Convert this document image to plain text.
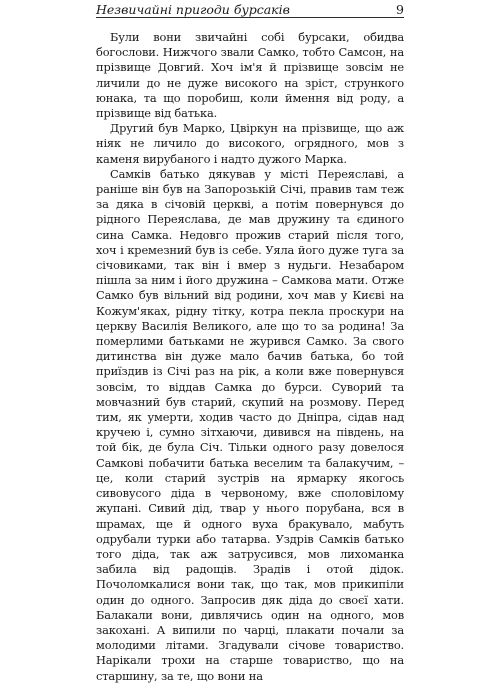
Незвичайні пригоди бурсаків	9

Були вони звичайні собі бурсаки, обидва богослови. Нижчого звали Самко, тобто Самсон, на прізвище Довгий. Хоч ім'я й прізвище зовсім не личили до не дуже високого на зріст, стрункого юнака, та що поробиш, коли ймення від роду, а прізвище від батька.

Другий був Марко, Цвіркун на прізвище, що аж ніяк не личило до високого, огрядного, мов з каменя вирубаного і надто дужого Марка.

Самків батько дякував у місті Переяславі, а раніше він був на Запорозькій Січі, правив там теж за дяка в січовій церкві, а потім повернувся до рідного Переяслава, де мав дружину та єдиного сина Самка. Недовго прожив старий після того, хоч і кремезний був із себе. Уяла його дуже туга за січовиками, так він і вмер з нудьги. Незабаром пішла за ним і його дружина – Самкова мати. Отже Самко був вільний від родини, хоч мав у Києві на Кожум'яках, рідну тітку, котра пекла проскури на церкву Василія Великого, але що то за родина! За померлими батьками не журився Самко. За свого дитинства він дуже мало бачив батька, бо той приїздив із Січі раз на рік, а коли вже повернувся зовсім, то віддав Самка до бурси. Суворий та мовчазний був старий, скупий на розмову. Перед тим, як умерти, ходив часто до Дніпра, сідав над кручею і, сумно зітхаючи, дивився на південь, на той бік, де була Січ. Тільки одного разу довелося Самкові побачити батька веселим та балакучим, – це, коли старий зустрів на ярмарку якогось сивовусого діда в червоному, вже споловілому жупані. Сивий дід, твар у нього порубана, вся в шрамах, ще й одного вуха бракувало, мабуть одрубали турки або татарва. Уздрів Самків батько того діда, так аж затрусився, мов лихоманка забила від радощів. Зрадів і отой дідок. Почоломкалися вони так, що так, мов прикипіли один до одного. Запросив дяк діда до своєї хати. Балакали вони, дивлячись один на одного, мов закохані. А випили по чарці, плакати почали за молодими літами. Згадували січове товариство. Нарікали трохи на старше товариство, що на старшину, за те, що вони на
